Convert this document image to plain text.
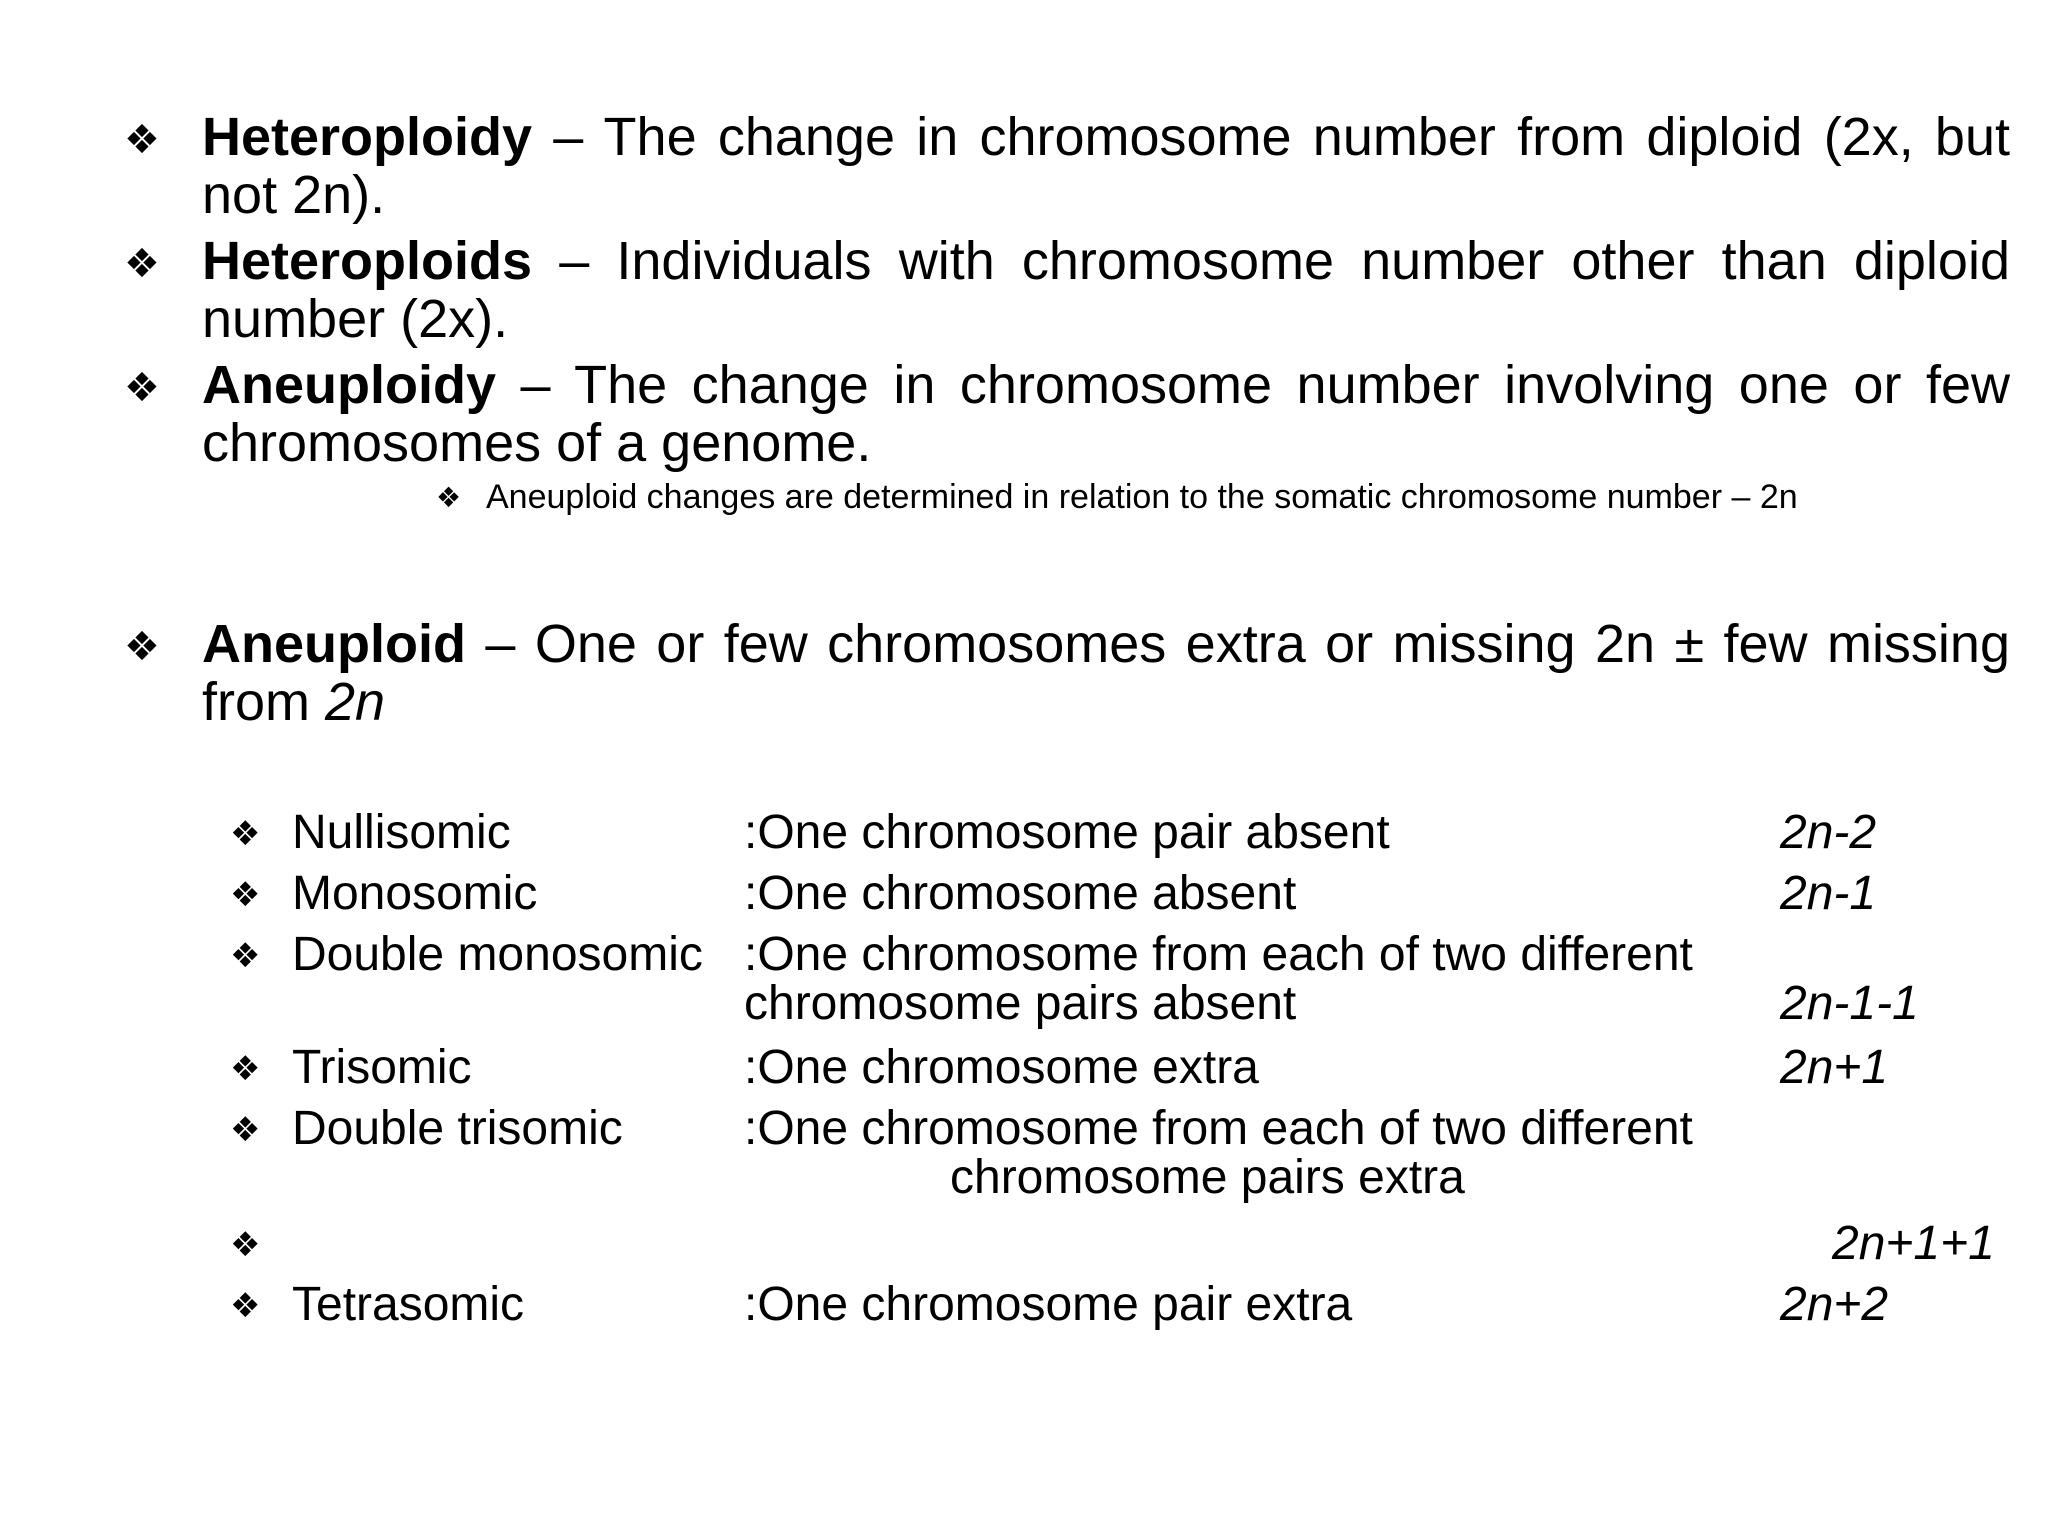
❖ Heteroploidy – The change in chromosome number from diploid (2x, but not 2n).
❖ Heteroploids – Individuals with chromosome number other than diploid number (2x).
❖ Aneuploidy – The change in chromosome number involving one or few chromosomes of a genome.
❖ Aneuploid changes are determined in relation to the somatic chromosome number – 2n
❖ Aneuploid – One or few chromosomes extra or missing 2n ± few missing from 2n
❖ Nullisomic	:One chromosome pair absent	2n-2
❖ Monosomic	:One chromosome absent	2n-1
❖ Double monosomic :One chromosome from each of two different
chromosome pairs absent	2n-1-1
❖ Trisomic	:One chromosome extra	2n+1
❖ Double trisomic	:One chromosome from each of two different
chromosome pairs extra
❖	2n+1+1
❖ Tetrasomic	:One chromosome pair extra	2n+2
